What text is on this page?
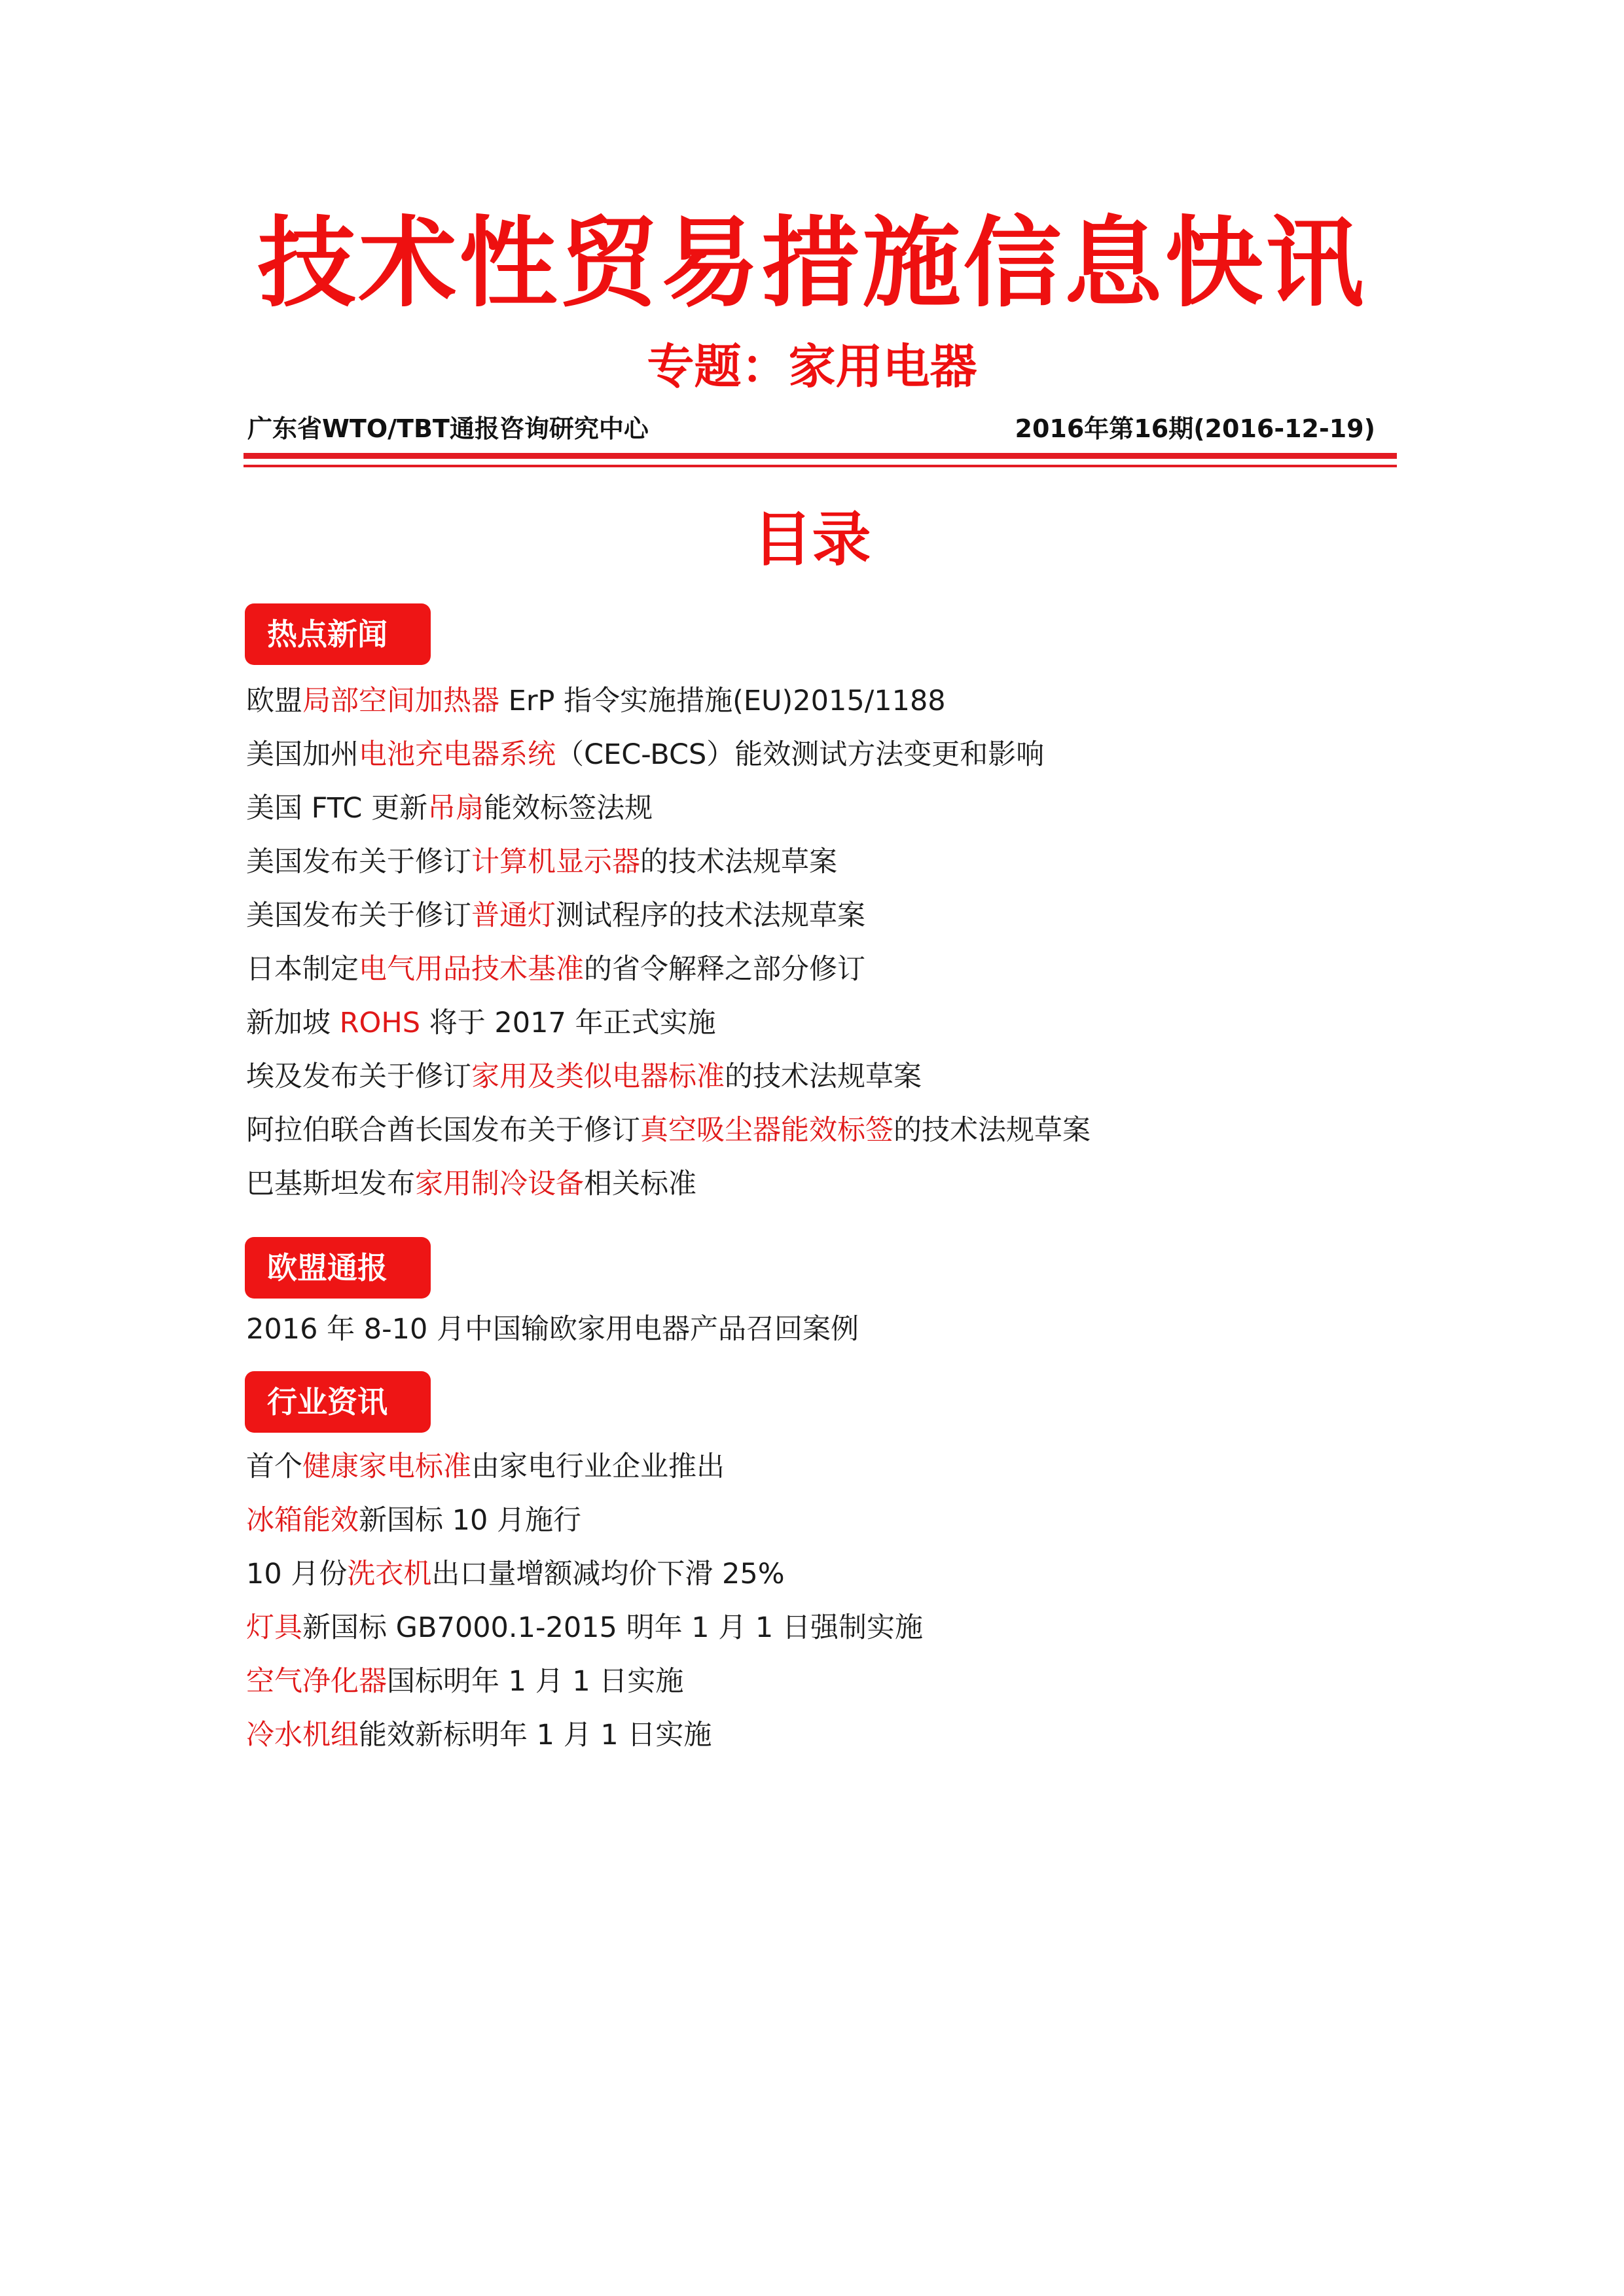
技术性贸易措施信息快讯
专题：家用电器
广东省WTO/TBT通报咨询研究中心	2016年第16期(2016-12-19)
目录
热点新闻
欧盟局部空间加热器 ErP 指令实施措施(EU)2015/1188
美国加州电池充电器系统（CEC-BCS）能效测试方法变更和影响
美国 FTC 更新吊扇能效标签法规
美国发布关于修订计算机显示器的技术法规草案
美国发布关于修订普通灯测试程序的技术法规草案
日本制定电气用品技术基准的省令解释之部分修订
新加坡 ROHS 将于 2017 年正式实施
埃及发布关于修订家用及类似电器标准的技术法规草案
阿拉伯联合酋长国发布关于修订真空吸尘器能效标签的技术法规草案
巴基斯坦发布家用制冷设备相关标准
欧盟通报
2016 年 8-10 月中国输欧家用电器产品召回案例
行业资讯
首个健康家电标准由家电行业企业推出
冰箱能效新国标 10 月施行
10 月份洗衣机出口量增额减均价下滑 25%
灯具新国标 GB7000.1-2015 明年 1 月 1 日强制实施
空气净化器国标明年 1 月 1 日实施
冷水机组能效新标明年 1 月 1 日实施
